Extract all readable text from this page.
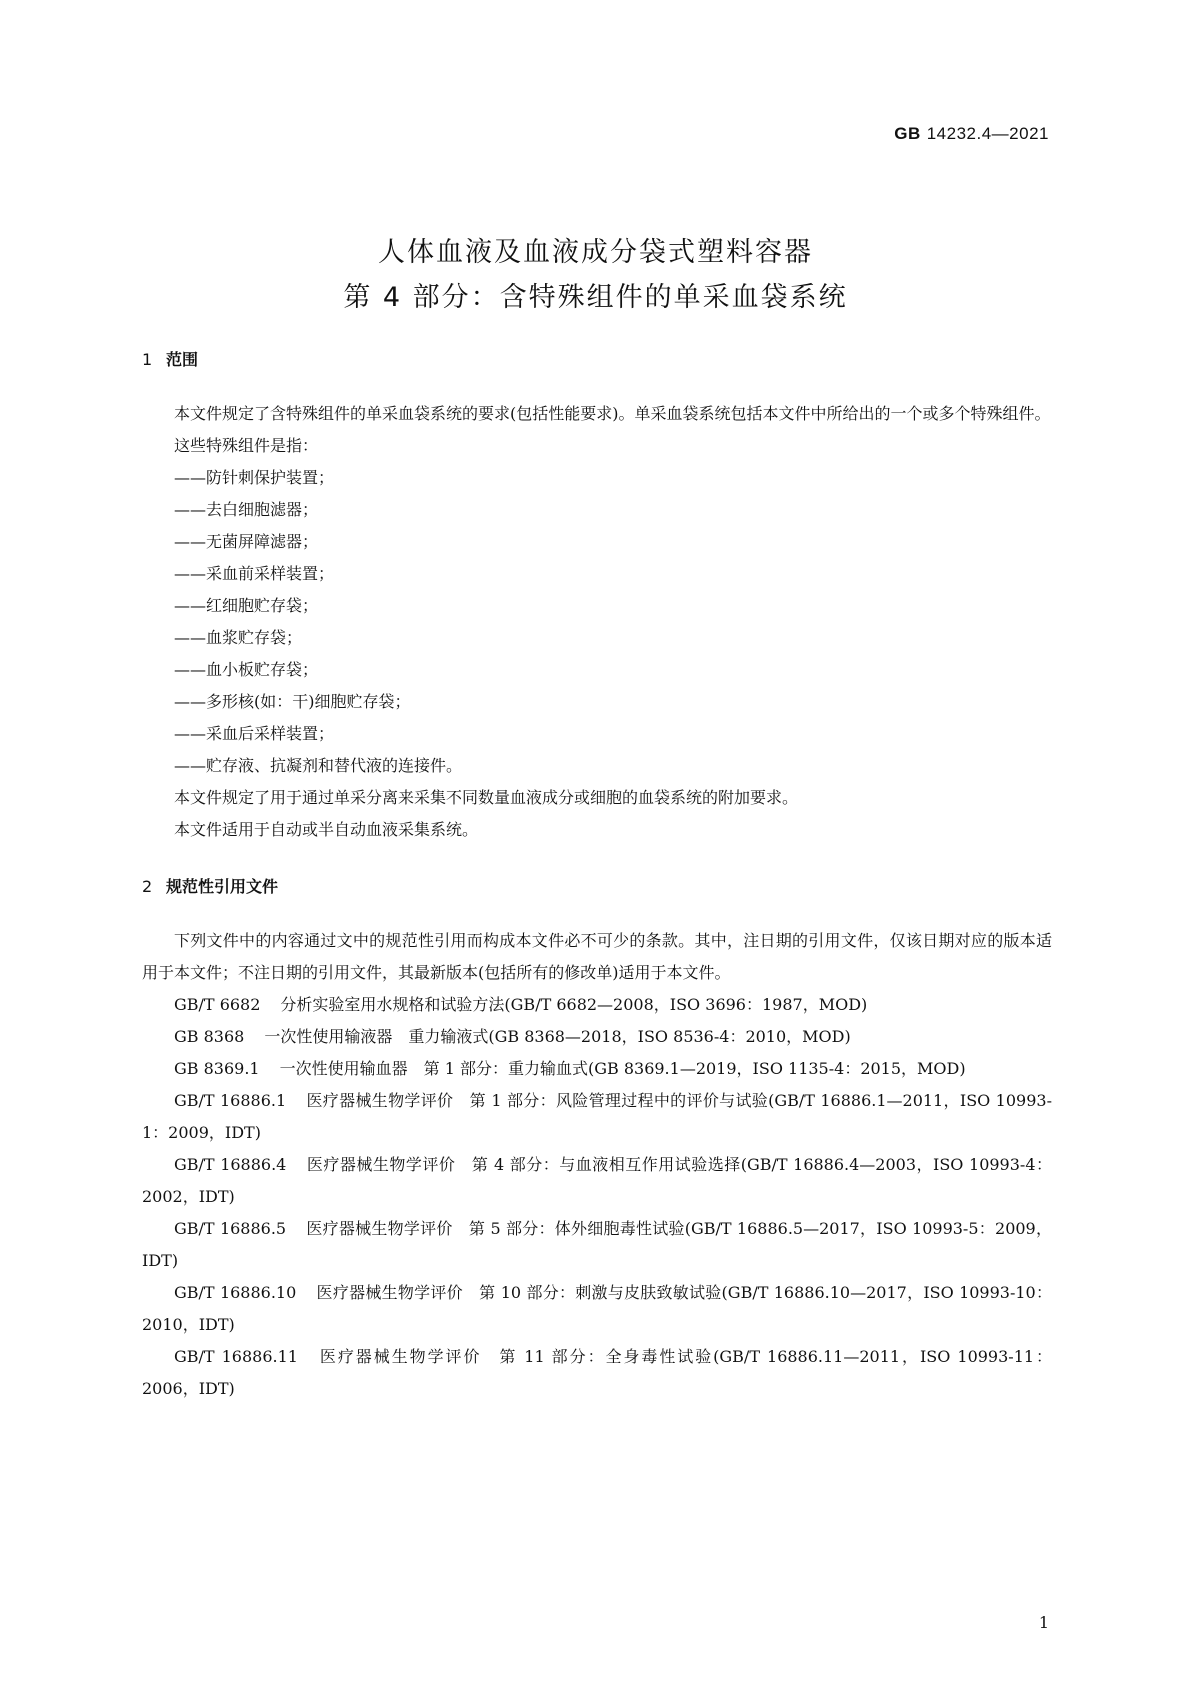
GB 14232.4—2021
人体血液及血液成分袋式塑料容器
第 4 部分：含特殊组件的单采血袋系统
1 范围

本文件规定了含特殊组件的单采血袋系统的要求(包括性能要求)。单采血袋系统包括本文件中所给出的一个或多个特殊组件。

这些特殊组件是指：

——防针刺保护装置；

——去白细胞滤器；

——无菌屏障滤器；

——采血前采样装置；

——红细胞贮存袋；

——血浆贮存袋；

——血小板贮存袋；

——多形核(如：干)细胞贮存袋；

——采血后采样装置；

——贮存液、抗凝剂和替代液的连接件。

本文件规定了用于通过单采分离来采集不同数量血液成分或细胞的血袋系统的附加要求。

本文件适用于自动或半自动血液采集系统。

2 规范性引用文件

下列文件中的内容通过文中的规范性引用而构成本文件必不可少的条款。其中，注日期的引用文件，仅该日期对应的版本适用于本文件；不注日期的引用文件，其最新版本(包括所有的修改单)适用于本文件。

GB/T 6682 分析实验室用水规格和试验方法(GB/T 6682—2008，ISO 3696：1987，MOD)

GB 8368 一次性使用输液器　重力输液式(GB 8368—2018，ISO 8536-4：2010，MOD)

GB 8369.1 一次性使用输血器　第 1 部分：重力输血式(GB 8369.1—2019，ISO 1135-4：2015，MOD)

GB/T 16886.1 医疗器械生物学评价　第 1 部分：风险管理过程中的评价与试验(GB/T 16886.1—2011，ISO 10993-1：2009，IDT)

GB/T 16886.4 医疗器械生物学评价　第 4 部分：与血液相互作用试验选择(GB/T 16886.4—2003，ISO 10993-4：2002，IDT)

GB/T 16886.5 医疗器械生物学评价　第 5 部分：体外细胞毒性试验(GB/T 16886.5—2017，ISO 10993-5：2009，IDT)

GB/T 16886.10 医疗器械生物学评价　第 10 部分：刺激与皮肤致敏试验(GB/T 16886.10—2017，ISO 10993-10：2010，IDT)

GB/T 16886.11 医疗器械生物学评价　第 11 部分：全身毒性试验(GB/T 16886.11—2011，ISO 10993-11：2006，IDT)

1
